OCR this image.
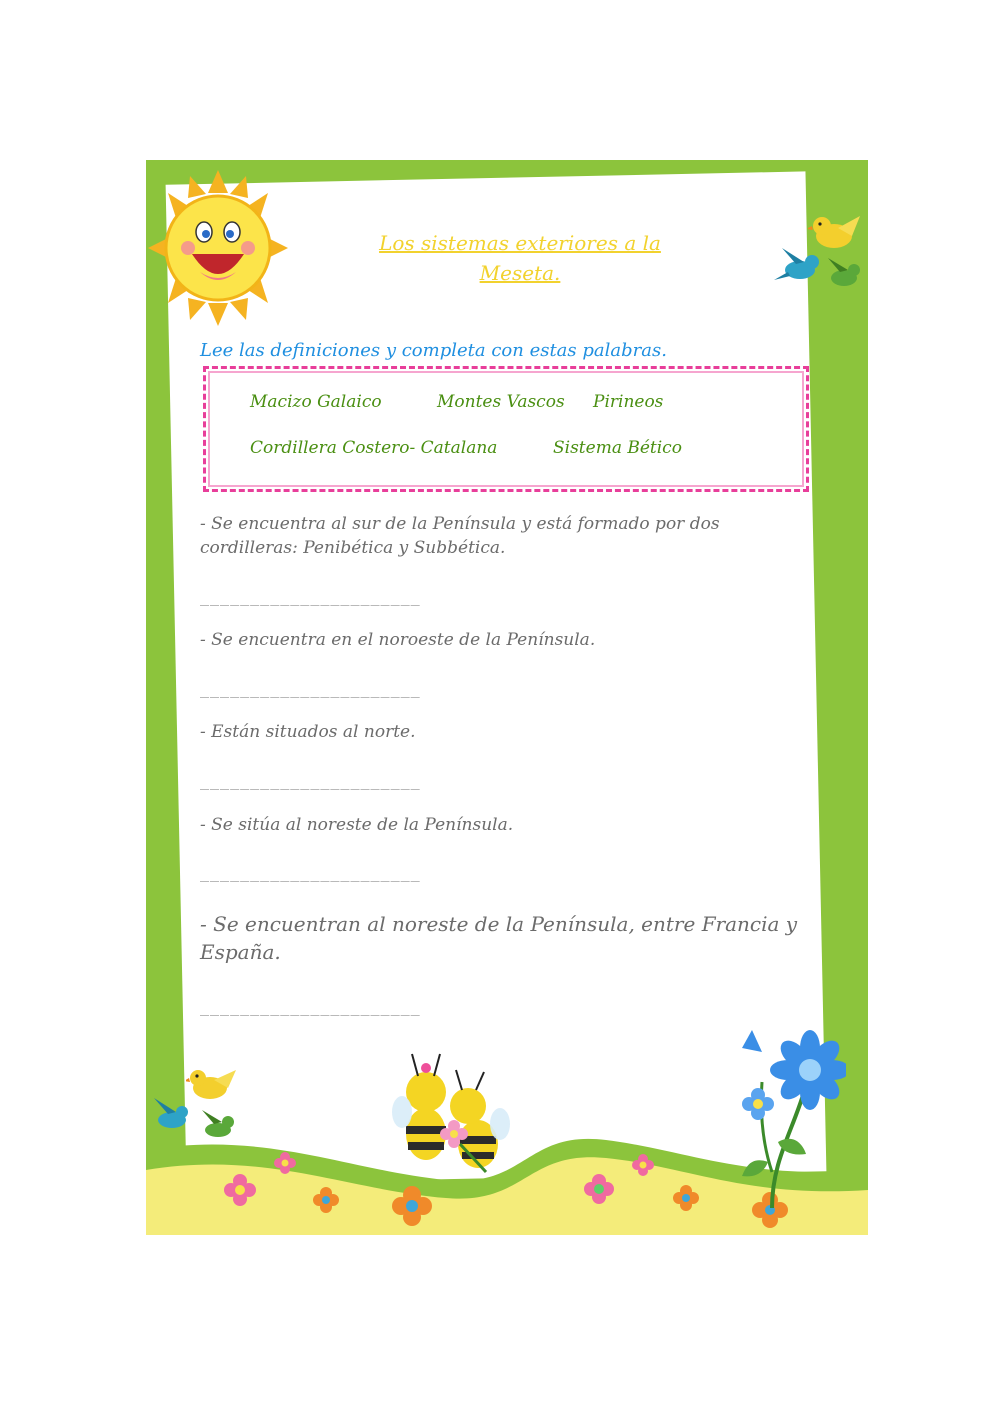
Los sistemas exteriores a la Meseta.
Lee las definiciones y completa con estas palabras.
Macizo Galaico	Montes Vascos Pirineos
Cordillera Costero- Catalana	Sistema Bético
- Se encuentra al sur de la Península y está formado por dos cordilleras: Penibética y Subbética.
______________________
- Se encuentra en el noroeste de la Península.
______________________
- Están situados al norte.
______________________
- Se sitúa al noreste de la Península.
______________________
- Se encuentran al noreste de la Península, entre Francia y España.
______________________
